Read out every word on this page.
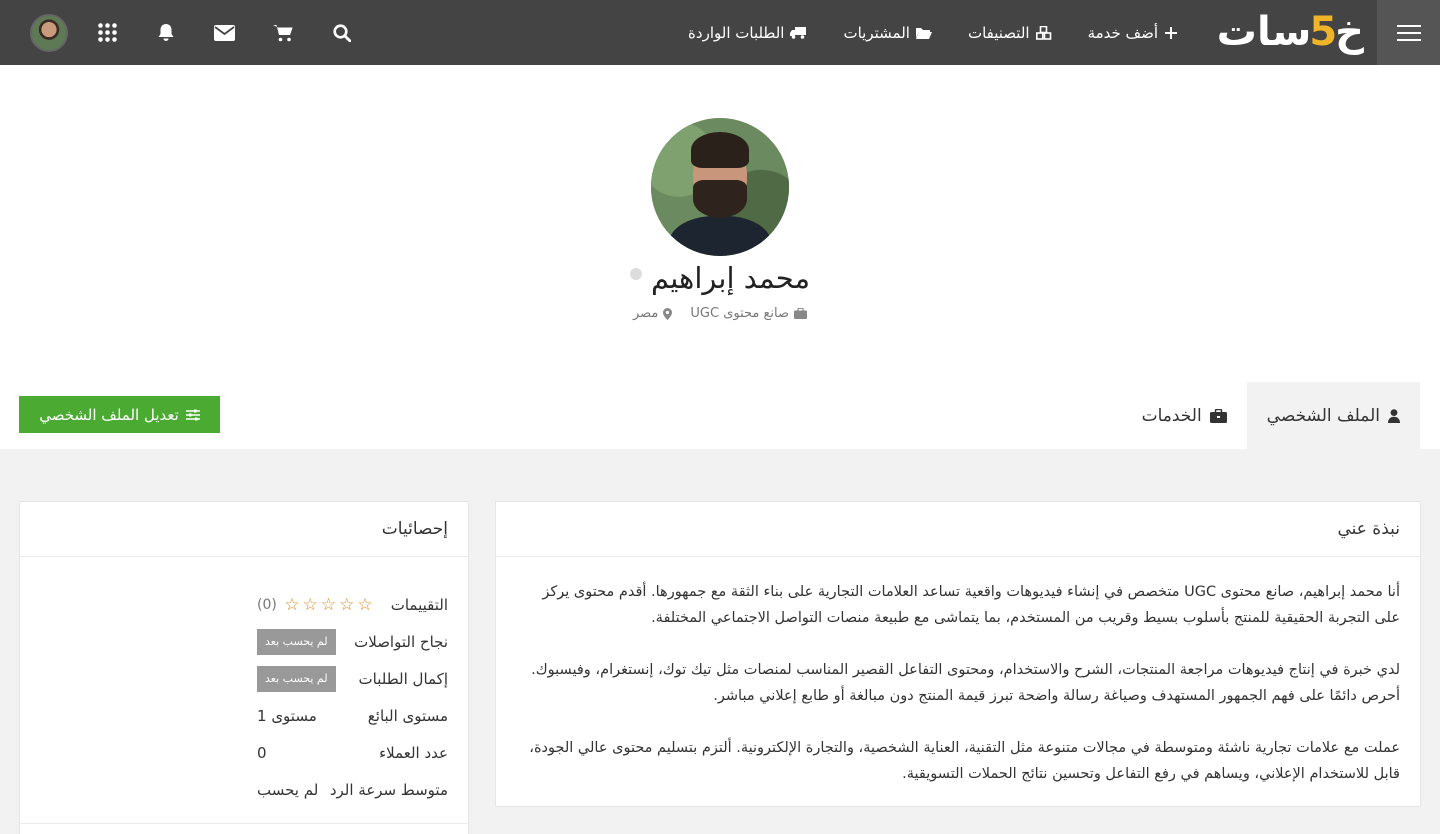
خ
5
سات
أضف خدمة
التصنيفات
المشتريات
الطلبات الواردة
محمد إبراهيم
صانع محتوى UGC
مصر
الملف الشخصي
الخدمات
تعديل الملف الشخصي
نبذة عني

أنا محمد إبراهيم، صانع محتوى UGC متخصص في إنشاء فيديوهات واقعية تساعد العلامات التجارية على بناء الثقة مع جمهورها. أقدم محتوى يركز على التجربة الحقيقية للمنتج بأسلوب بسيط وقريب من المستخدم، بما يتماشى مع طبيعة منصات التواصل الاجتماعي المختلفة.

لدي خبرة في إنتاج فيديوهات مراجعة المنتجات، الشرح والاستخدام، ومحتوى التفاعل القصير المناسب لمنصات مثل تيك توك، إنستغرام، وفيسبوك. أحرص دائمًا على فهم الجمهور المستهدف وصياغة رسالة واضحة تبرز قيمة المنتج دون مبالغة أو طابع إعلاني مباشر.

عملت مع علامات تجارية ناشئة ومتوسطة في مجالات متنوعة مثل التقنية، العناية الشخصية، والتجارة الإلكترونية. ألتزم بتسليم محتوى عالي الجودة، قابل للاستخدام الإعلاني، ويساهم في رفع التفاعل وتحسين نتائج الحملات التسويقية.

إحصائيات
التقييمات
(0) ☆ ☆ ☆ ☆ ☆
نجاح التواصلات
لم يحسب بعد
إكمال الطلبات
لم يحسب بعد
مستوى البائع
مستوى 1
عدد العملاء
0
متوسط سرعة الرد
لم يحسب
